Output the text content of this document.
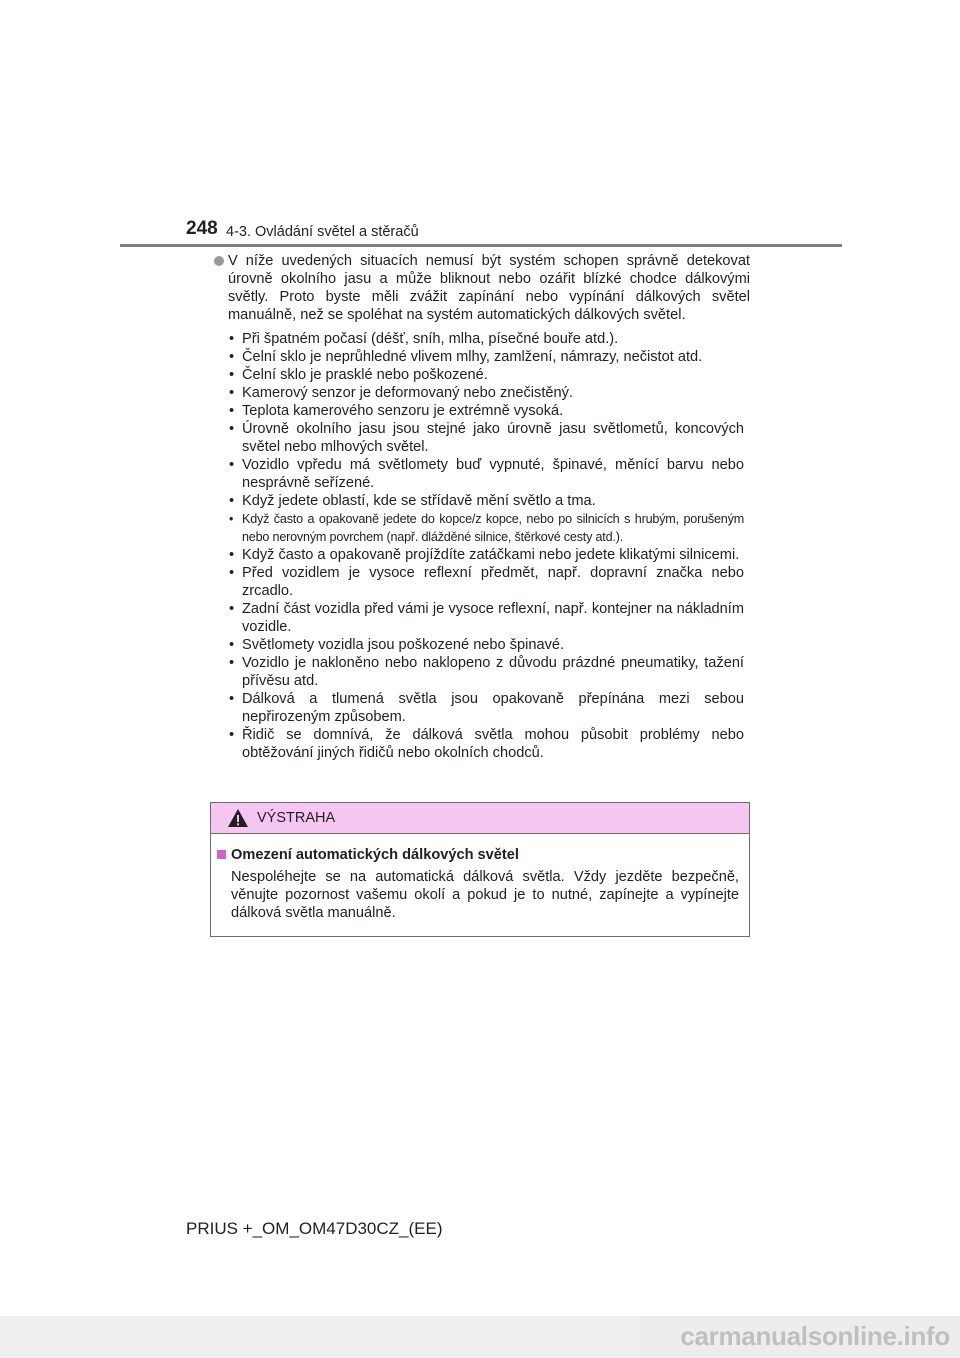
248 4-3. Ovládání světel a stěračů

V níže uvedených situacích nemusí být systém schopen správně detekovat úrovně okolního jasu a může bliknout nebo ozářit blízké chodce dálkovými světly. Proto byste měli zvážit zapínání nebo vypínání dálkových světel manuálně, než se spoléhat na systém automatických dálkových světel.

• Při špatném počasí (déšť, sníh, mlha, písečné bouře atd.).
• Čelní sklo je neprůhledné vlivem mlhy, zamlžení, námrazy, nečistot atd.
• Čelní sklo je prasklé nebo poškozené.
• Kamerový senzor je deformovaný nebo znečistěný.
• Teplota kamerového senzoru je extrémně vysoká.
• Úrovně okolního jasu jsou stejné jako úrovně jasu světlometů, koncových světel nebo mlhových světel.
• Vozidlo vpředu má světlomety buď vypnuté, špinavé, měnící barvu nebo nesprávně seřízené.
• Když jedete oblastí, kde se střídavě mění světlo a tma.
• Když často a opakovaně jedete do kopce/z kopce, nebo po silnicích s hrubým, porušeným nebo nerovným povrchem (např. dlážděné silnice, štěrkové cesty atd.).
• Když často a opakovaně projíždíte zatáčkami nebo jedete klikatými silnicemi.
• Před vozidlem je vysoce reflexní předmět, např. dopravní značka nebo zrcadlo.
• Zadní část vozidla před vámi je vysoce reflexní, např. kontejner na nákladním vozidle.
• Světlomety vozidla jsou poškozené nebo špinavé.
• Vozidlo je nakloněno nebo naklopeno z důvodu prázdné pneumatiky, tažení přívěsu atd.
• Dálková a tlumená světla jsou opakovaně přepínána mezi sebou nepřirozeným způsobem.
• Řidič se domnívá, že dálková světla mohou působit problémy nebo obtěžování jiných řidičů nebo okolních chodců.
VÝSTRAHA
Omezení automatických dálkových světel

Nespoléhejte se na automatická dálková světla. Vždy jezděte bezpečně, věnujte pozornost vašemu okolí a pokud je to nutné, zapínejte a vypínejte dálková světla manuálně.

PRIUS +_OM_OM47D30CZ_(EE)
carmanualsonline.info
